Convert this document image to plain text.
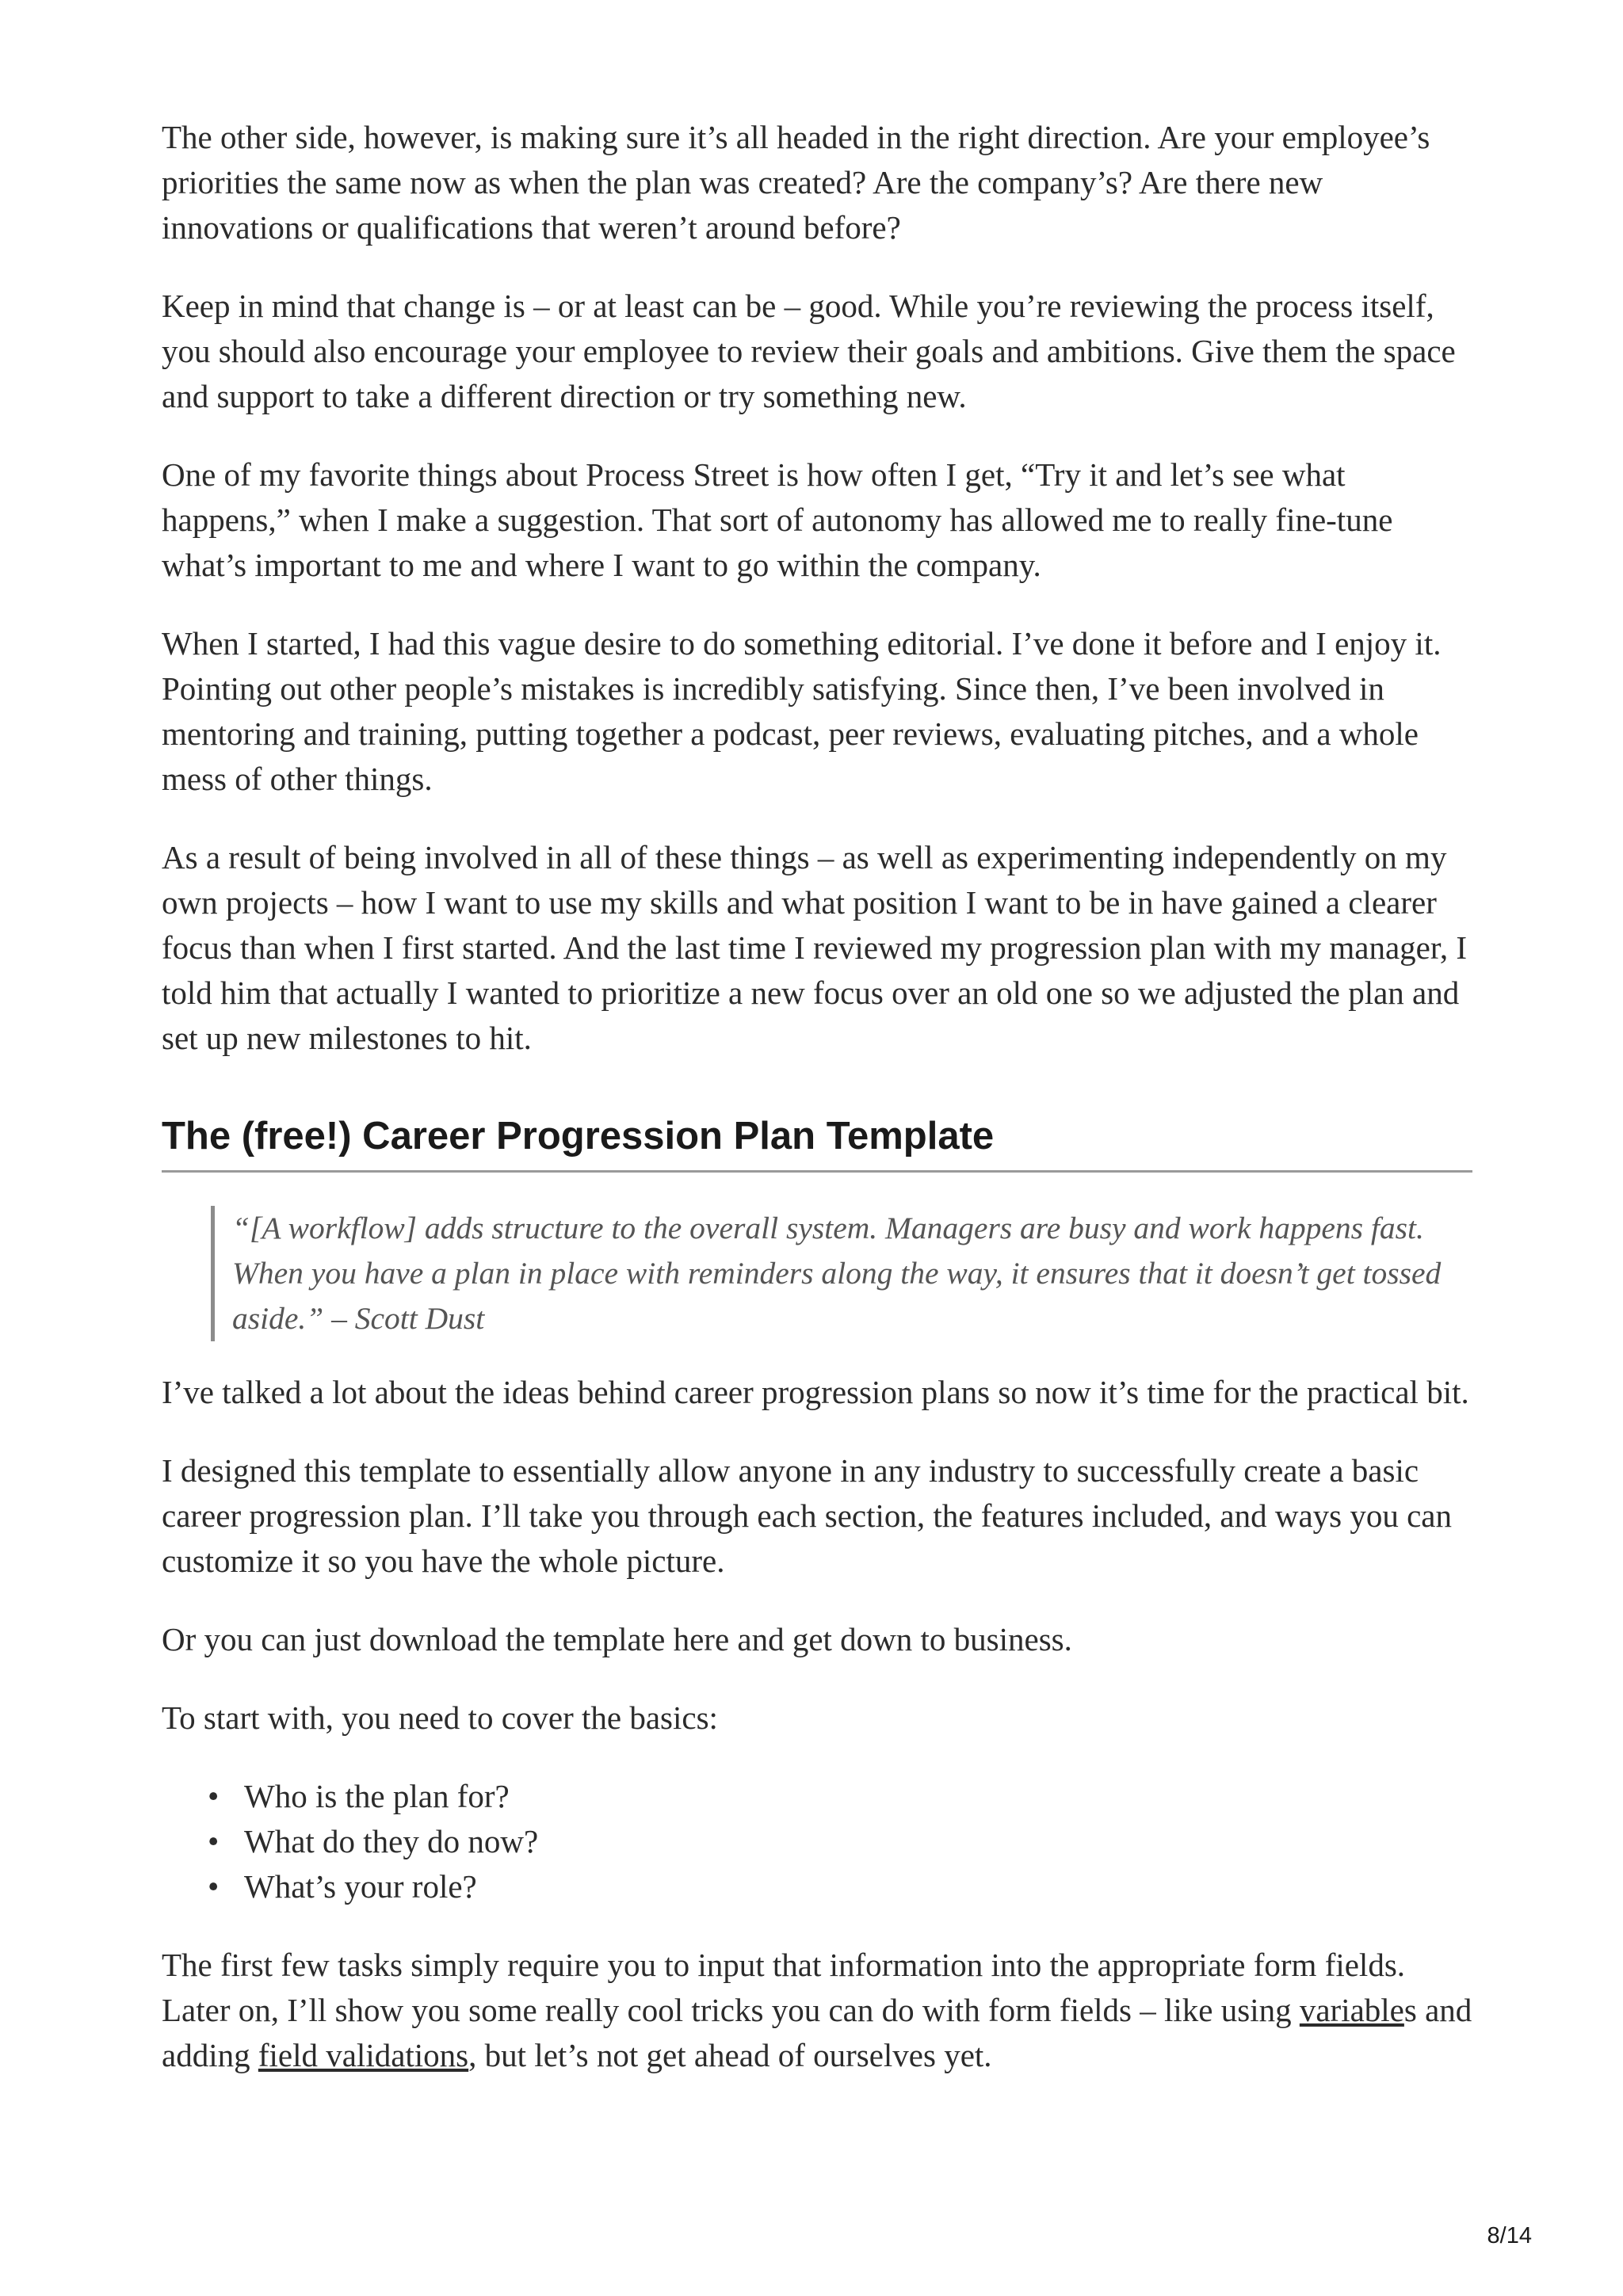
The other side, however, is making sure it’s all headed in the right direction. Are your employee’s priorities the same now as when the plan was created? Are the company’s? Are there new innovations or qualifications that weren’t around before?

Keep in mind that change is – or at least can be – good. While you’re reviewing the process itself, you should also encourage your employee to review their goals and ambitions. Give them the space and support to take a different direction or try something new.

One of my favorite things about Process Street is how often I get, “Try it and let’s see what happens,” when I make a suggestion. That sort of autonomy has allowed me to really fine-tune what’s important to me and where I want to go within the company.

When I started, I had this vague desire to do something editorial. I’ve done it before and I enjoy it. Pointing out other people’s mistakes is incredibly satisfying. Since then, I’ve been involved in mentoring and training, putting together a podcast, peer reviews, evaluating pitches, and a whole mess of other things.

As a result of being involved in all of these things – as well as experimenting independently on my own projects – how I want to use my skills and what position I want to be in have gained a clearer focus than when I first started. And the last time I reviewed my progression plan with my manager, I told him that actually I wanted to prioritize a new focus over an old one so we adjusted the plan and set up new milestones to hit.

The (free!) Career Progression Plan Template
“[A workflow] adds structure to the overall system. Managers are busy and work happens fast. When you have a plan in place with reminders along the way, it ensures that it doesn’t get tossed aside.” – Scott Dust

I’ve talked a lot about the ideas behind career progression plans so now it’s time for the practical bit.

I designed this template to essentially allow anyone in any industry to successfully create a basic career progression plan. I’ll take you through each section, the features included, and ways you can customize it so you have the whole picture.

Or you can just download the template here and get down to business.

To start with, you need to cover the basics:

• Who is the plan for?
• What do they do now?
• What’s your role?

The first few tasks simply require you to input that information into the appropriate form fields. Later on, I’ll show you some really cool tricks you can do with form fields – like using variables and adding field validations, but let’s not get ahead of ourselves yet.

8/14
